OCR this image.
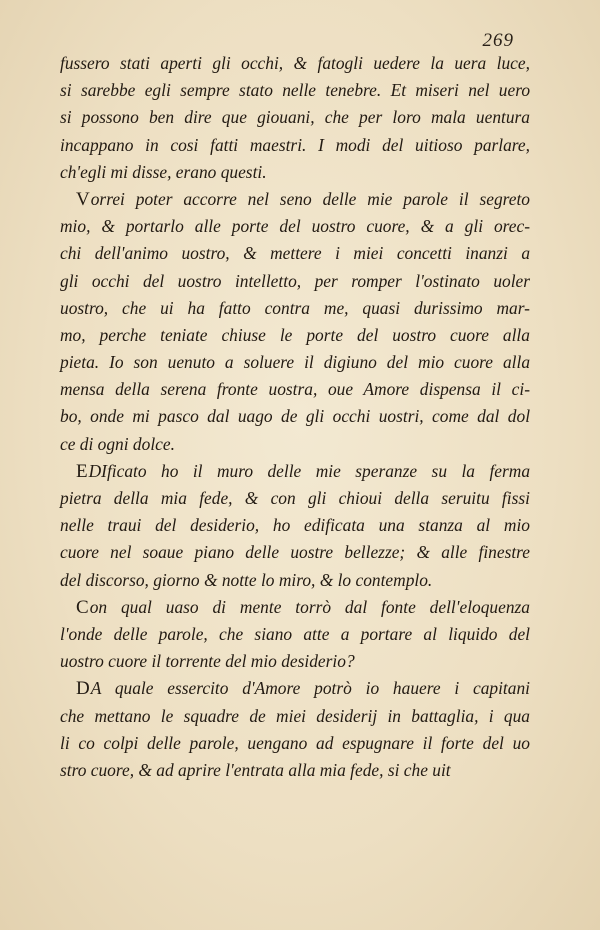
269
fussero stati aperti gli occhi, & fatogli uedere la uera luce,
si sarebbe egli sempre stato nelle tenebre. Et miseri nel uero
si possono ben dire que giouani, che per loro mala uentura
incappano in cosi fatti maestri. I modi del uitioso parlare,
ch'egli mi disse, erano questi.
Vorrei poter accorre nel seno delle mie parole il segreto
mio, & portarlo alle porte del uostro cuore, & a gli orec-
chi dell'animo uostro, & mettere i miei concetti inanzi a
gli occhi del uostro intelletto, per romper l'ostinato uoler
uostro, che ui ha fatto contra me, quasi durissimo mar-
mo, perche teniate chiuse le porte del uostro cuore alla
pieta. Io son uenuto a soluere il digiuno del mio cuore alla
mensa della serena fronte uostra, oue Amore dispensa il ci-
bo, onde mi pasco dal uago de gli occhi uostri, come dal dol
ce di ogni dolce.
EDIficato ho il muro delle mie speranze su la ferma
pietra della mia fede, & con gli chioui della seruitu fissi
nelle traui del desiderio, ho edificata una stanza al mio
cuore nel soaue piano delle uostre bellezze; & alle finestre
del discorso, giorno & notte lo miro, & lo contemplo.
Con qual uaso di mente torrò dal fonte dell'eloquenza
l'onde delle parole, che siano atte a portare al liquido del
uostro cuore il torrente del mio desiderio?
DA quale essercito d'Amore potrò io hauere i capitani
che mettano le squadre de miei desiderij in battaglia, i qua
li co colpi delle parole, uengano ad espugnare il forte del uo
stro cuore, & ad aprire l'entrata alla mia fede, si che uit
